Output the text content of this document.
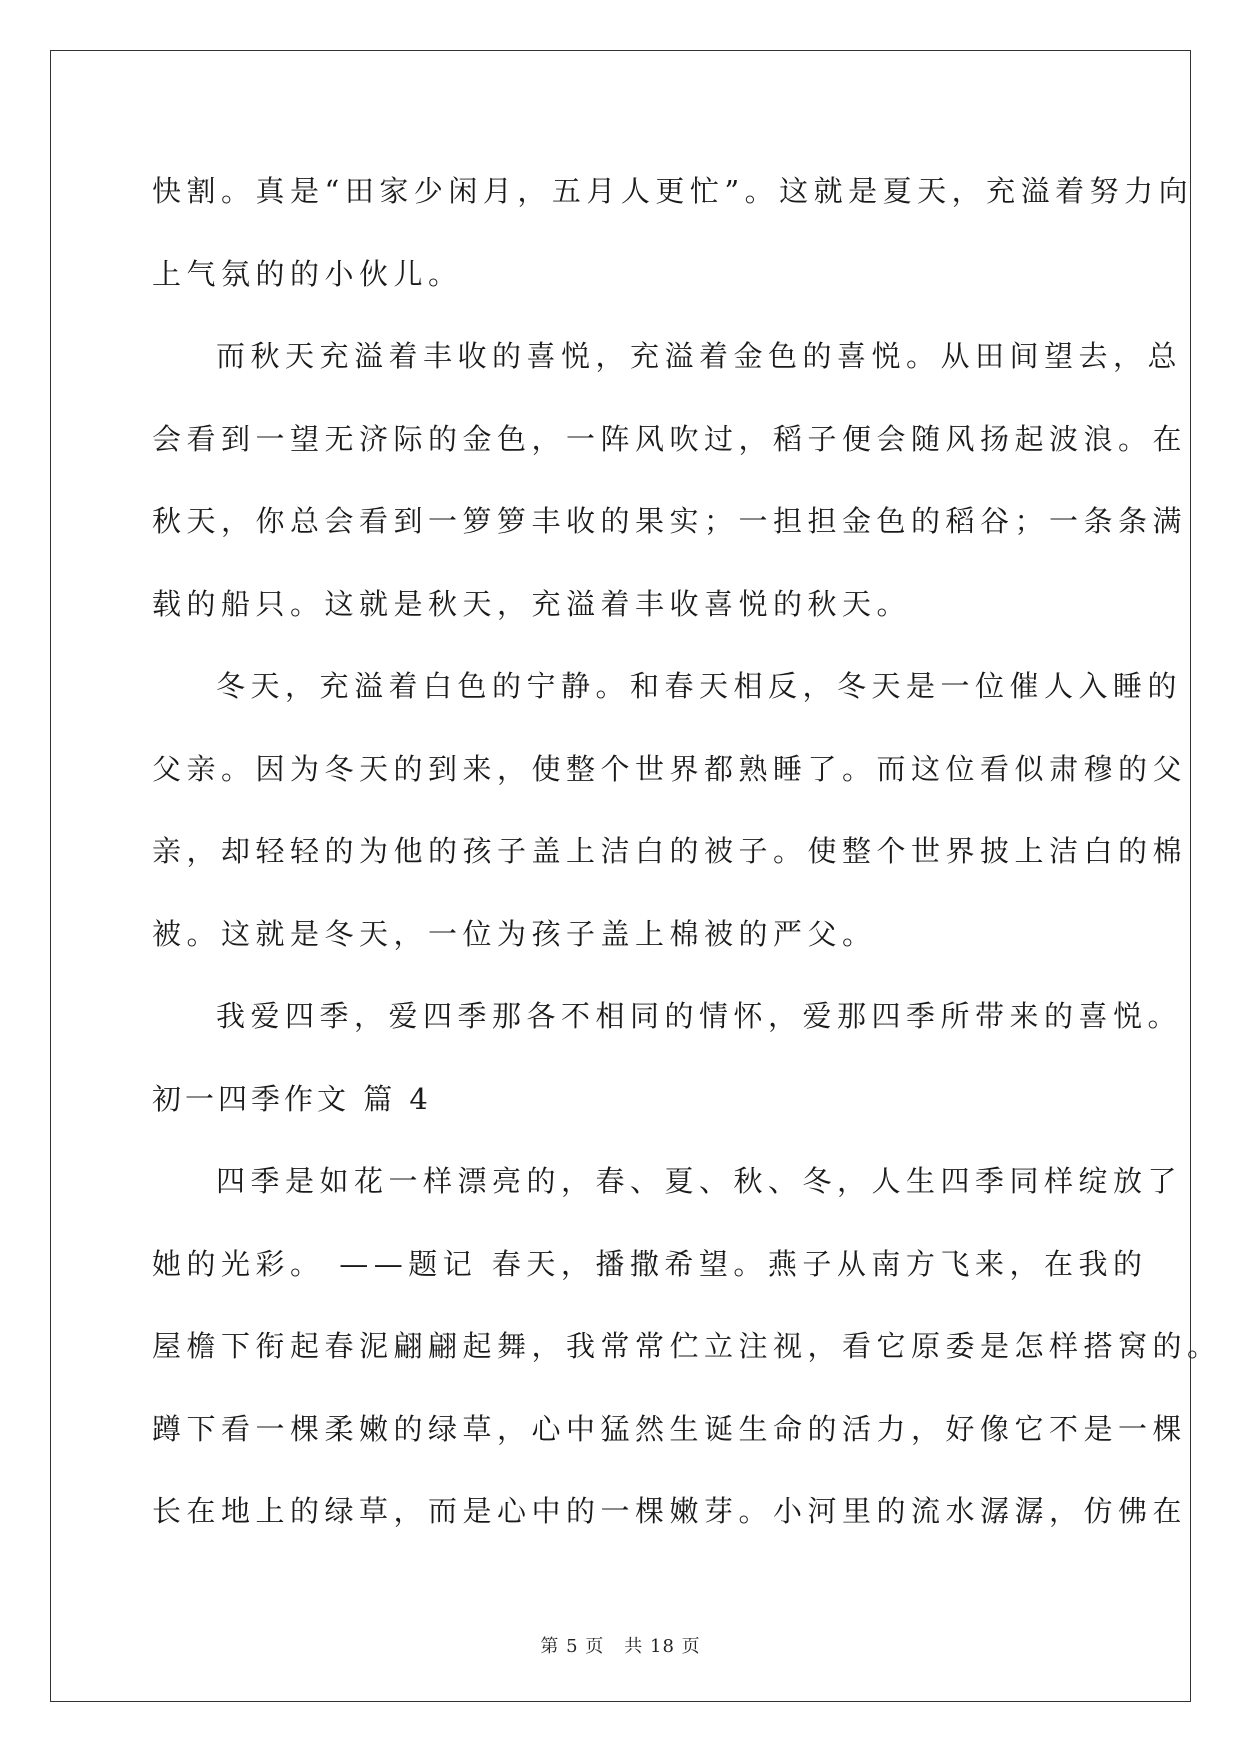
快割。真是“田家少闲月，五月人更忙”。这就是夏天，充溢着努力向
上气氛的的小伙儿。
而秋天充溢着丰收的喜悦，充溢着金色的喜悦。从田间望去，总
会看到一望无济际的金色，一阵风吹过，稻子便会随风扬起波浪。在
秋天，你总会看到一箩箩丰收的果实；一担担金色的稻谷；一条条满
载的船只。这就是秋天，充溢着丰收喜悦的秋天。
冬天，充溢着白色的宁静。和春天相反，冬天是一位催人入睡的
父亲。因为冬天的到来，使整个世界都熟睡了。而这位看似肃穆的父
亲，却轻轻的为他的孩子盖上洁白的被子。使整个世界披上洁白的棉
被。这就是冬天，一位为孩子盖上棉被的严父。
我爱四季，爱四季那各不相同的情怀，爱那四季所带来的喜悦。
初一四季作文 篇 4
四季是如花一样漂亮的，春、夏、秋、冬，人生四季同样绽放了
她的光彩。 ——题记 春天，播撒希望。燕子从南方飞来，在我的
屋檐下衔起春泥翩翩起舞，我常常伫立注视，看它原委是怎样搭窝的。
蹲下看一棵柔嫩的绿草，心中猛然生诞生命的活力，好像它不是一棵
长在地上的绿草，而是心中的一棵嫩芽。小河里的流水潺潺，仿佛在
第 5 页 共 18 页
